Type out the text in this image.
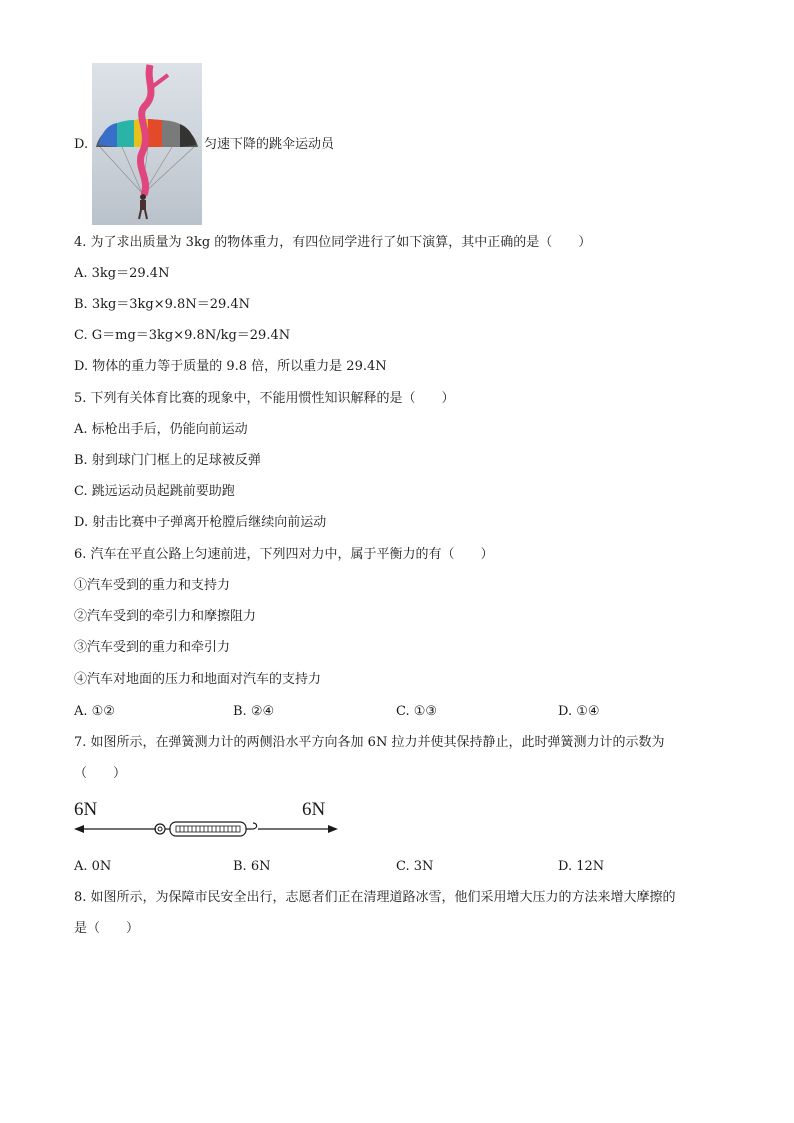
D.	匀速下降的跳伞运动员
4. 为了求出质量为 3kg 的物体重力，有四位同学进行了如下演算，其中正确的是（　　）
A. 3kg＝29.4N
B. 3kg＝3kg×9.8N＝29.4N
C. G＝mg＝3kg×9.8N/kg＝29.4N
D. 物体的重力等于质量的 9.8 倍，所以重力是 29.4N
5. 下列有关体育比赛的现象中，不能用惯性知识解释的是（　　）
A. 标枪出手后，仍能向前运动
B. 射到球门门框上的足球被反弹
C. 跳远运动员起跳前要助跑
D. 射击比赛中子弹离开枪膛后继续向前运动
6. 汽车在平直公路上匀速前进，下列四对力中，属于平衡力的有（　　）
①汽车受到的重力和支持力
②汽车受到的牵引力和摩擦阻力
③汽车受到的重力和牵引力
④汽车对地面的压力和地面对汽车的支持力
A. ①②	B. ②④	C. ①③	D. ①④
7. 如图所示，在弹簧测力计的两侧沿水平方向各加 6N 拉力并使其保持静止，此时弹簧测力计的示数为
（　　）
6N	6N
A. 0N	B. 6N	C. 3N	D. 12N
8. 如图所示，为保障市民安全出行，志愿者们正在清理道路冰雪，他们采用增大压力的方法来增大摩擦的
是（　　）
